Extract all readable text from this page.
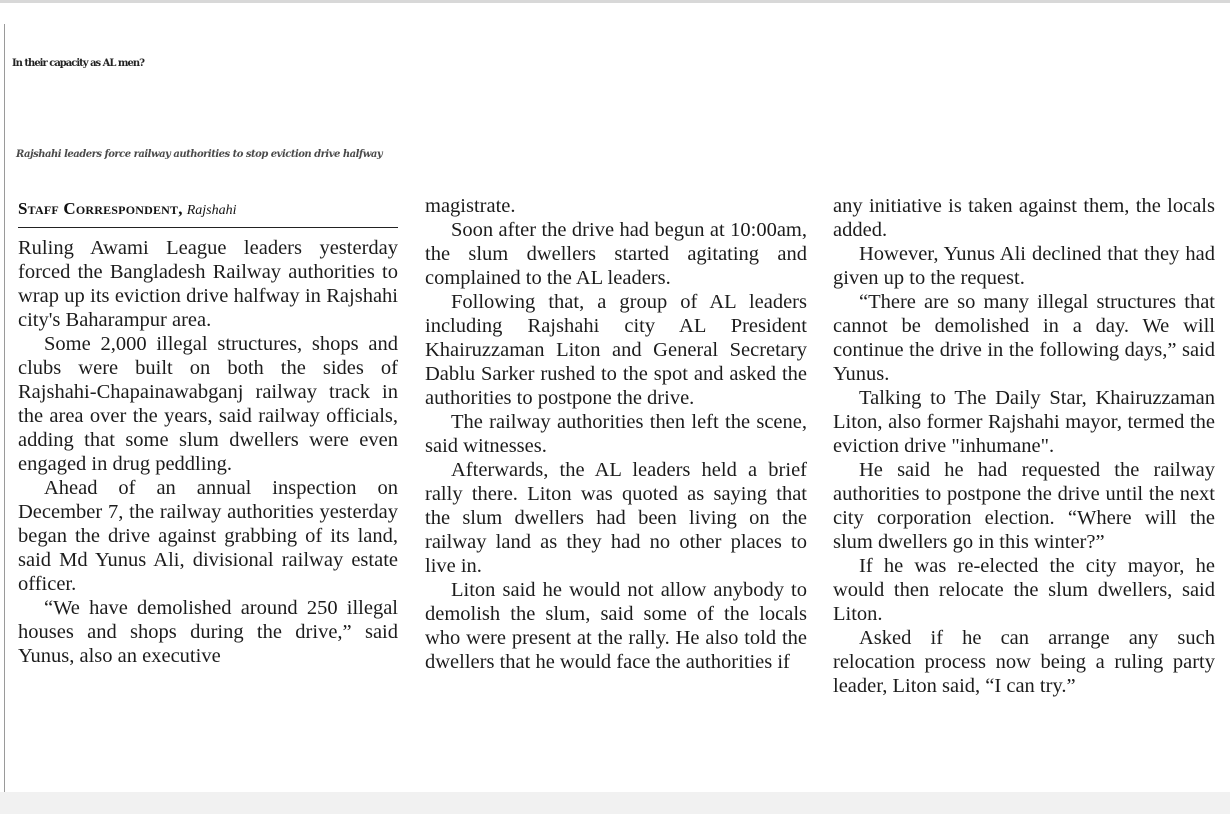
In their capacity as AL men?
Rajshahi leaders force railway authorities to stop eviction drive halfway
Staff Correspondent, Rajshahi

Ruling Awami League leaders yesterday forced the Bangladesh Railway authorities to wrap up its eviction drive halfway in Rajshahi city's Baharampur area.

Some 2,000 illegal structures, shops and clubs were built on both the sides of Rajshahi-Chapainawabganj railway track in the area over the years, said railway officials, adding that some slum dwellers were even engaged in drug peddling.

Ahead of an annual inspection on December 7, the railway authorities yesterday began the drive against grabbing of its land, said Md Yunus Ali, divisional railway estate officer.

“We have demolished around 250 illegal houses and shops during the drive,” said Yunus, also an executive

magistrate.

Soon after the drive had begun at 10:00am, the slum dwellers started agitating and complained to the AL leaders.

Following that, a group of AL leaders including Rajshahi city AL President Khairuzzaman Liton and General Secretary Dablu Sarker rushed to the spot and asked the authorities to postpone the drive.

The railway authorities then left the scene, said witnesses.

Afterwards, the AL leaders held a brief rally there. Liton was quoted as saying that the slum dwellers had been living on the railway land as they had no other places to live in.

Liton said he would not allow anybody to demolish the slum, said some of the locals who were present at the rally. He also told the dwellers that he would face the authorities if

any initiative is taken against them, the locals added.

However, Yunus Ali declined that they had given up to the request.

“There are so many illegal structures that cannot be demolished in a day. We will continue the drive in the following days,” said Yunus.

Talking to The Daily Star, Khairuzzaman Liton, also former Rajshahi mayor, termed the eviction drive "inhumane".

He said he had requested the railway authorities to postpone the drive until the next city corporation election. “Where will the slum dwellers go in this winter?”

If he was re-elected the city mayor, he would then relocate the slum dwellers, said Liton.

Asked if he can arrange any such relocation process now being a ruling party leader, Liton said, “I can try.”
